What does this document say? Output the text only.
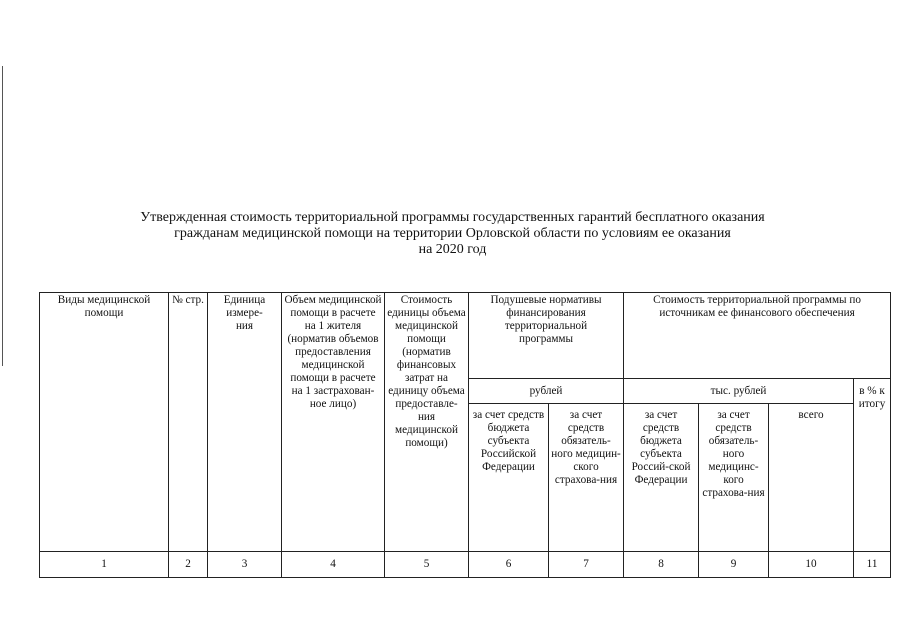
Утвержденная стоимость территориальной программы государственных гарантий бесплатного оказания
гражданам медицинской помощи на территории Орловской области по условиям ее оказания
на 2020 год
Виды медицинской помощи	№ стр.	Единица измере-ния	Объем медицинской помощи в расчете на 1 жителя (норматив объемов предоставления медицинской помощи в расчете на 1 застрахован-ное лицо)	Стоимость единицы объема медицинской помощи (норматив финансовых затрат на единицу объема предоставле-ния медицинской помощи)	Подушевые нормативы финансирования территориальной программы		Стоимость территориальной программы по источникам ее финансового обеспечения			
					рублей		тыс. рублей			в % к итогу
					за счет средств бюджета субъекта Российской Федерации	за счет средств обязатель-ного медицин-ского страхова-ния	за счет средств бюджета субъекта Россий-ской Федерации	за счет средств обязатель-ного медицинс-кого страхова-ния	всего	
1	2	3	4	5	6	7	8	9	10	11
